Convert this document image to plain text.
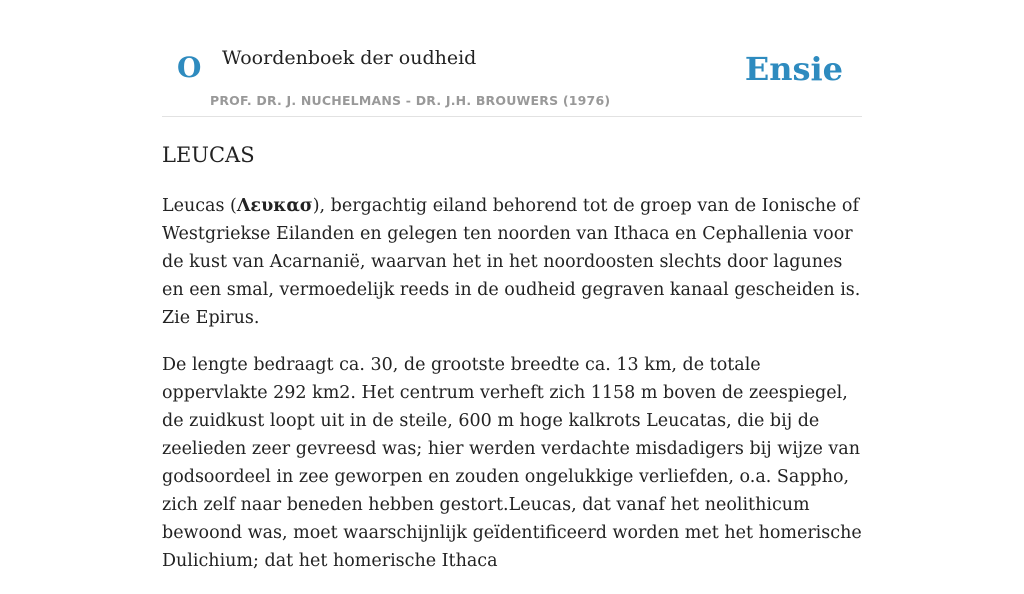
O Woordenboek der oudheid
PROF. DR. J. NUCHELMANS - DR. J.H. BROUWERS (1976)
Ensie
LEUCAS

Leucas (Λευκασ), bergachtig eiland behorend tot de groep van de Ionische of Westgriekse Eilanden en gelegen ten noorden van Ithaca en Cephallenia voor de kust van Acarnanië, waarvan het in het noordoosten slechts door lagunes en een smal, vermoedelijk reeds in de oudheid gegraven kanaal gescheiden is. Zie Epirus.

De lengte bedraagt ca. 30, de grootste breedte ca. 13 km, de totale oppervlakte 292 km2. Het centrum verheft zich 1158 m boven de zeespiegel, de zuidkust loopt uit in de steile, 600 m hoge kalkrots Leucatas, die bij de zeelieden zeer gevreesd was; hier werden verdachte misdadigers bij wijze van godsoordeel in zee geworpen en zouden ongelukkige verliefden, o.a. Sappho, zich zelf naar beneden hebben gestort.Leucas, dat vanaf het neolithicum bewoond was, moet waarschijnlijk geïdentificeerd worden met het homerische Dulichium; dat het homerische Ithaca
